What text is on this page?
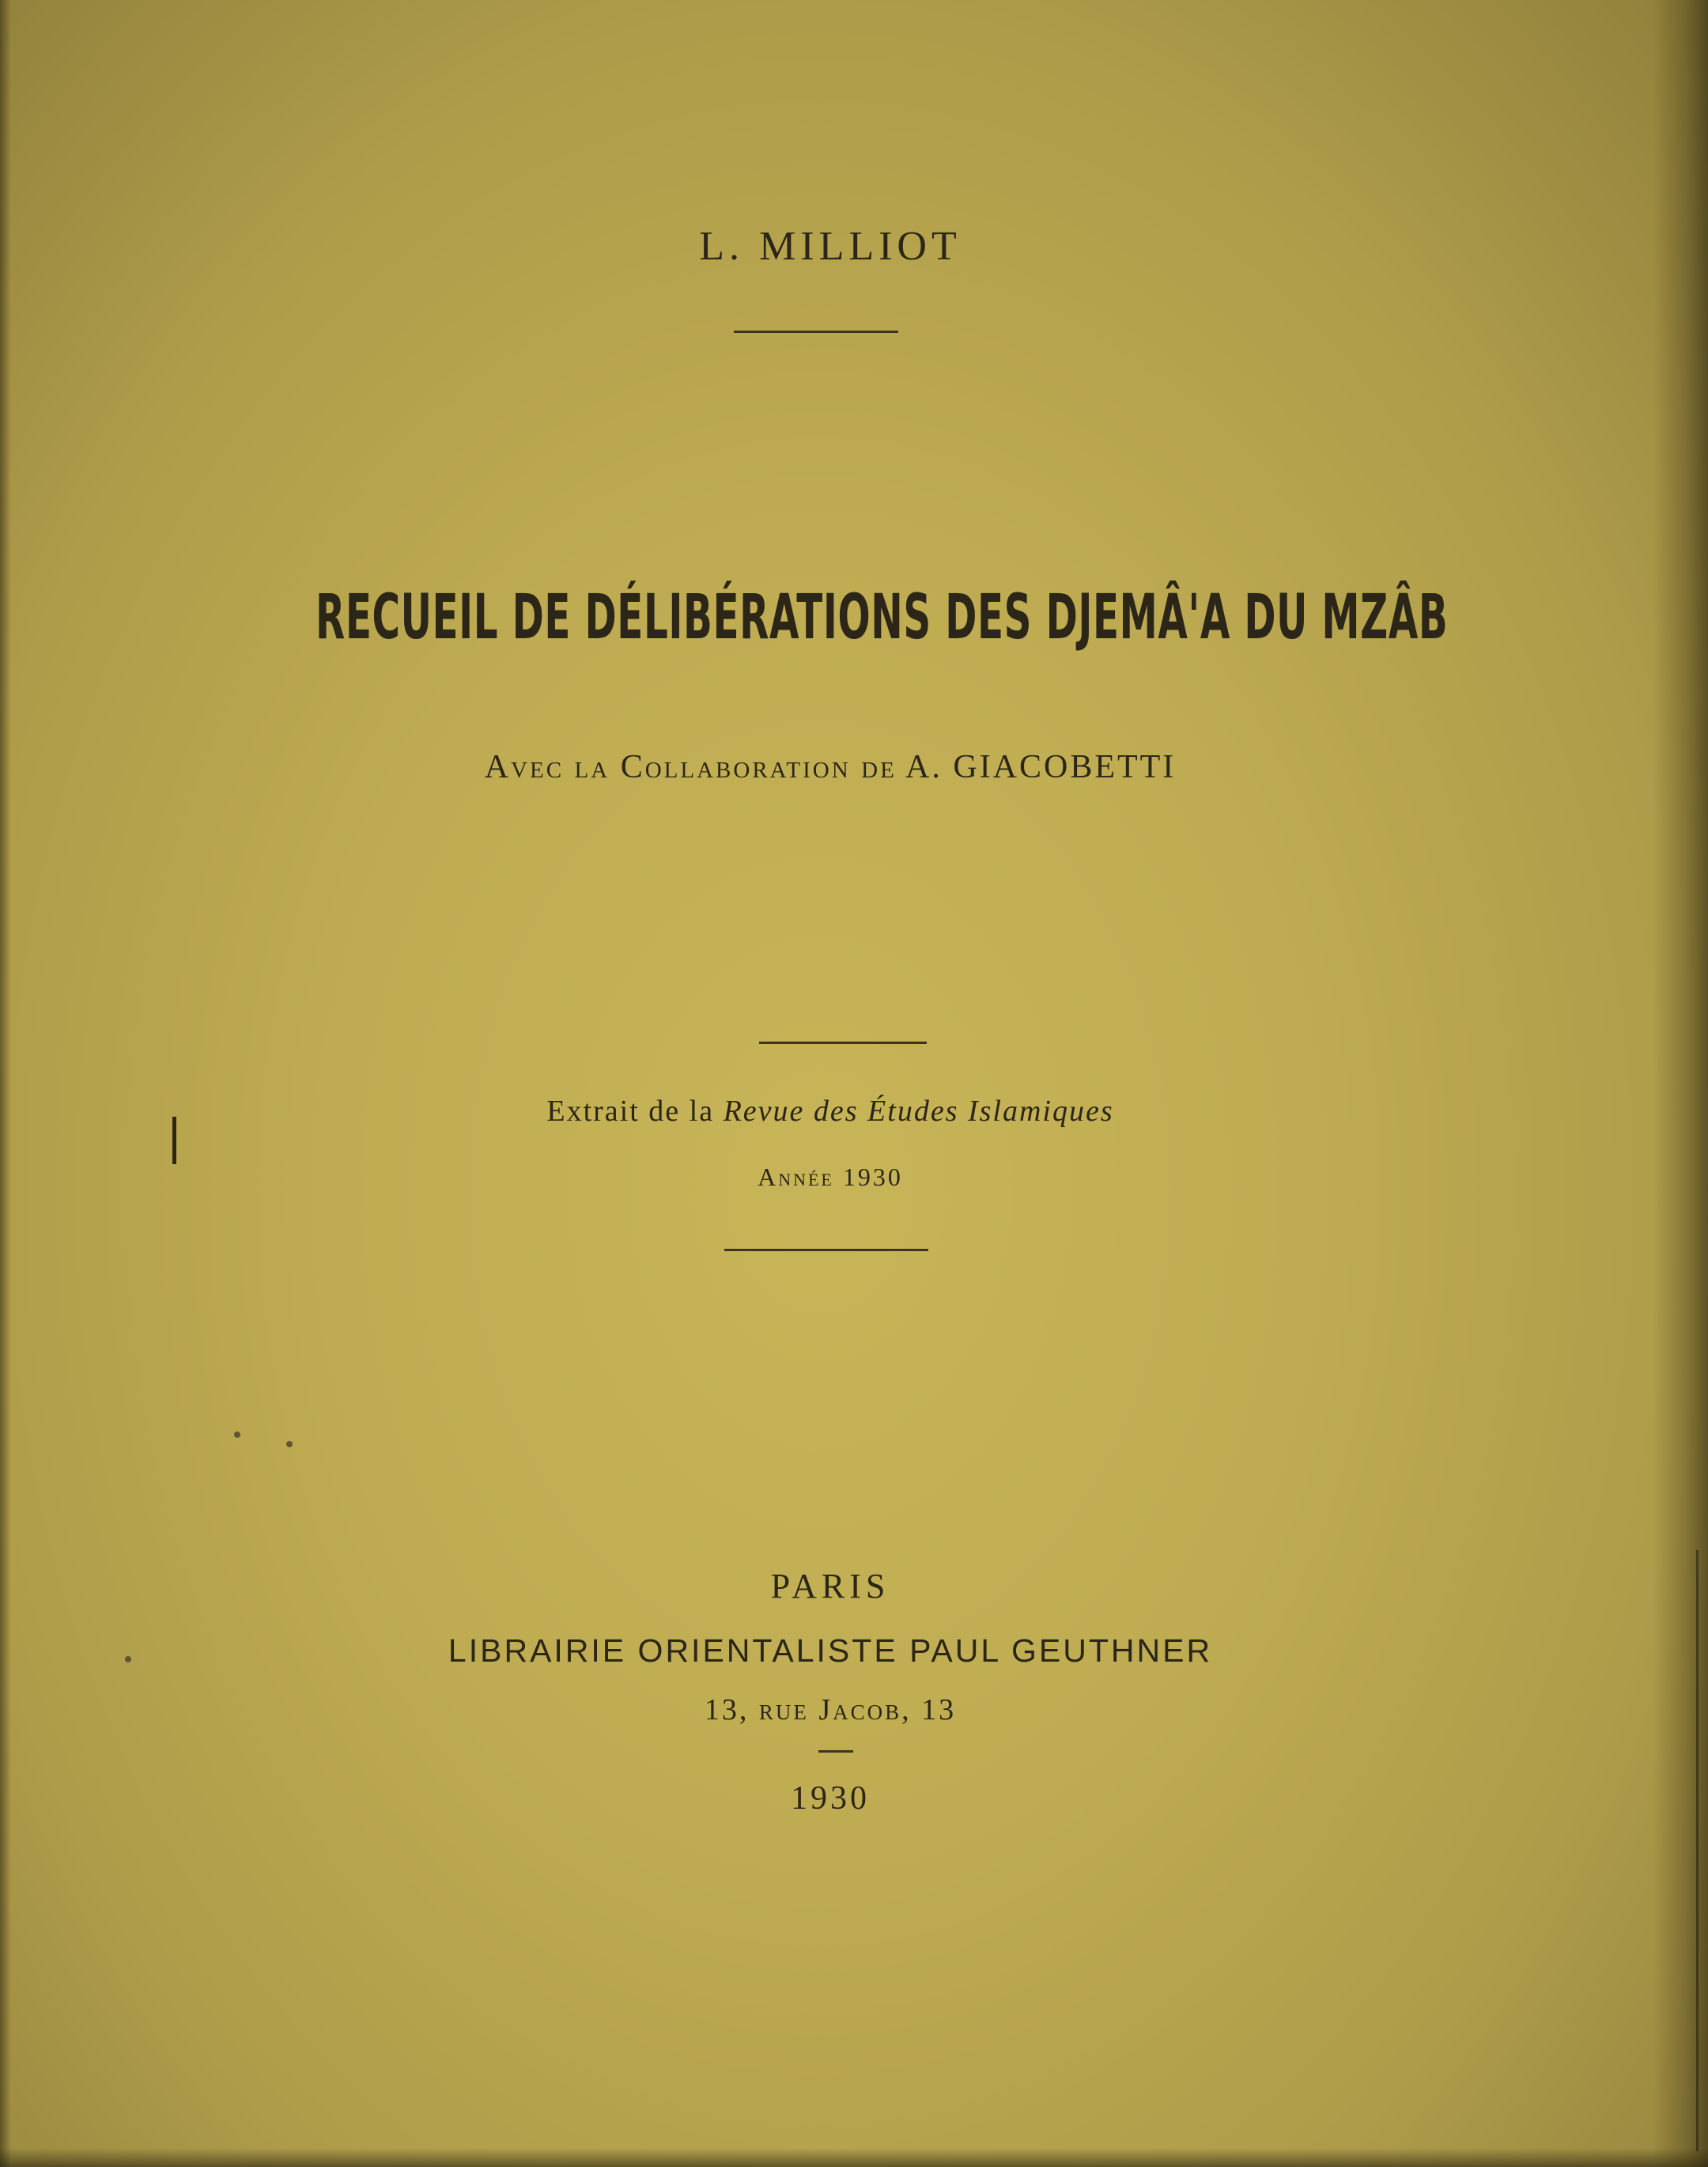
L. MILLIOT
RECUEIL DE DÉLIBÉRATIONS DES DJEMÂ'A DU MZÂB
Avec la Collaboration de A. GIACOBETTI
Extrait de la Revue des Études Islamiques
Année 1930
PARIS
LIBRAIRIE ORIENTALISTE PAUL GEUTHNER
13, rue Jacob, 13
1930
